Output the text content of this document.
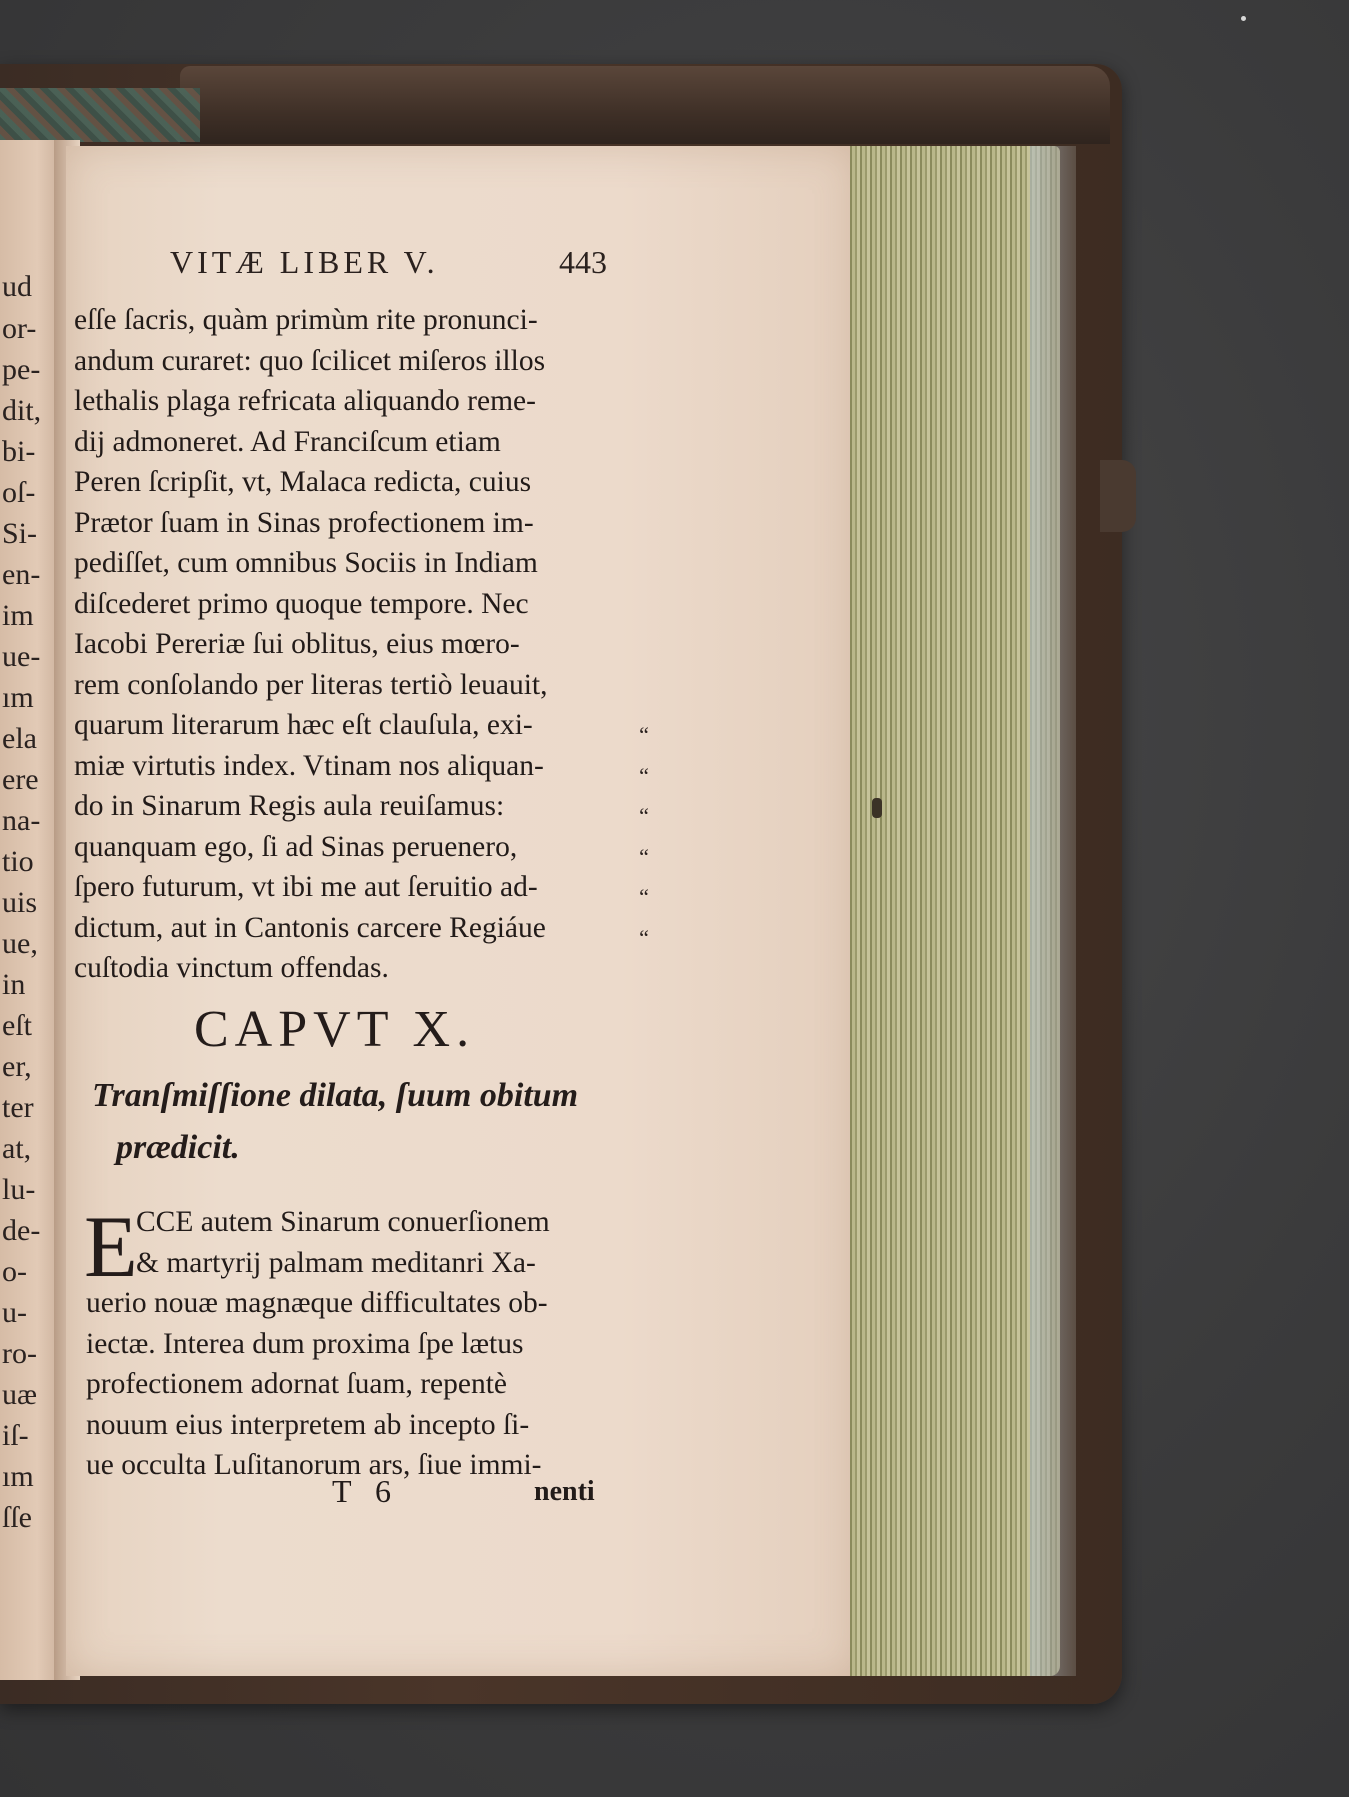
ud
or-
pe-
dit,
bi-
oſ-
Si-
en-
im
ue-
ım
ela
ere
na-
tio
uis
ue,
in
eſt
er,
ter
at,
lu-
de-
o-
u-
ro-
uæ
iſ-
ım
ſſe
VITÆ LIBER V.	443
eſſe ſacris, quàm primùm rite pronunci-
andum curaret: quo ſcilicet miſeros illos
lethalis plaga refricata aliquando reme-
dij admoneret. Ad Franciſcum etiam
Peren ſcripſit, vt, Malaca redicta, cuius
Prætor ſuam in Sinas profectionem im-
pediſſet, cum omnibus Sociis in Indiam
diſcederet primo quoque tempore. Nec
Iacobi Pereriæ ſui oblitus, eius mœro-
rem conſolando per literas tertiò leuauit,
quarum literarum hæc eſt clauſula, exi-
miæ virtutis index. Vtinam nos aliquan-
do in Sinarum Regis aula reuiſamus:
quanquam ego, ſi ad Sinas peruenero,
ſpero futurum, vt ibi me aut ſeruitio ad-
dictum, aut in Cantonis carcere Regiáue
cuſtodia vinctum offendas.
“
“
“
“
“
“
CAPVT X.
Tranſmiſſione dilata, ſuum obitum
prædicit.
E
CCE autem Sinarum conuerſionem
& martyrij palmam meditanri Xa-
uerio nouæ magnæque difficultates ob-
iectæ. Interea dum proxima ſpe lætus
profectionem adornat ſuam, repentè
nouum eius interpretem ab incepto ſi-
ue occulta Luſitanorum ars, ſiue immi-
T 6	nenti
